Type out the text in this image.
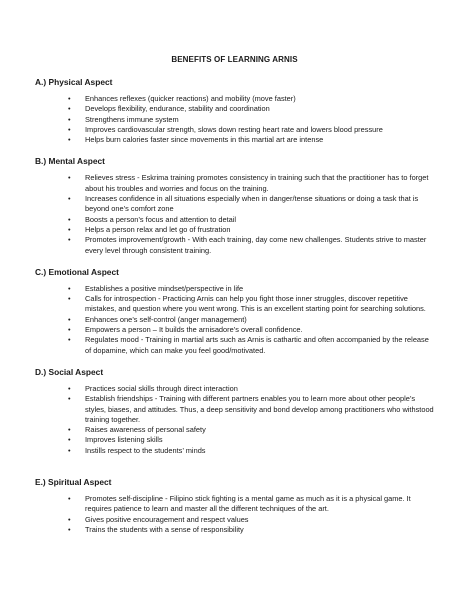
BENEFITS OF LEARNING ARNIS
A.) Physical Aspect
• Enhances reflexes (quicker reactions) and mobility (move faster)
• Develops flexibility, endurance, stability and coordination
• Strengthens immune system
• Improves cardiovascular strength, slows down resting heart rate and lowers blood pressure
• Helps burn calories faster since movements in this martial art are intense
B.) Mental Aspect
• Relieves stress - Eskrima training promotes consistency in training such that the practitioner has to forget about his troubles and worries and focus on the training.
• Increases confidence in all situations especially when in danger/tense situations or doing a task that is beyond one’s comfort zone
• Boosts a person’s focus and attention to detail
• Helps a person relax and let go of frustration
• Promotes improvement/growth - With each training, day come new challenges. Students strive to master every level through consistent training.
C.) Emotional Aspect
• Establishes a positive mindset/perspective in life
• Calls for introspection - Practicing Arnis can help you fight those inner struggles, discover repetitive mistakes, and question where you went wrong. This is an excellent starting point for searching solutions.
• Enhances one’s self-control (anger management)
• Empowers a person – It builds the arnisadore’s overall confidence.
• Regulates mood - Training in martial arts such as Arnis is cathartic and often accompanied by the release of dopamine, which can make you feel good/motivated.
D.) Social Aspect
• Practices social skills through direct interaction
• Establish friendships - Training with different partners enables you to learn more about other people’s styles, biases, and attitudes. Thus, a deep sensitivity and bond develop among practitioners who withstood training together.
• Raises awareness of personal safety
• Improves listening skills
• Instills respect to the students’ minds
E.) Spiritual Aspect
• Promotes self-discipline - Filipino stick fighting is a mental game as much as it is a physical game. It requires patience to learn and master all the different techniques of the art.
• Gives positive encouragement and respect values
• Trains the students with a sense of responsibility
